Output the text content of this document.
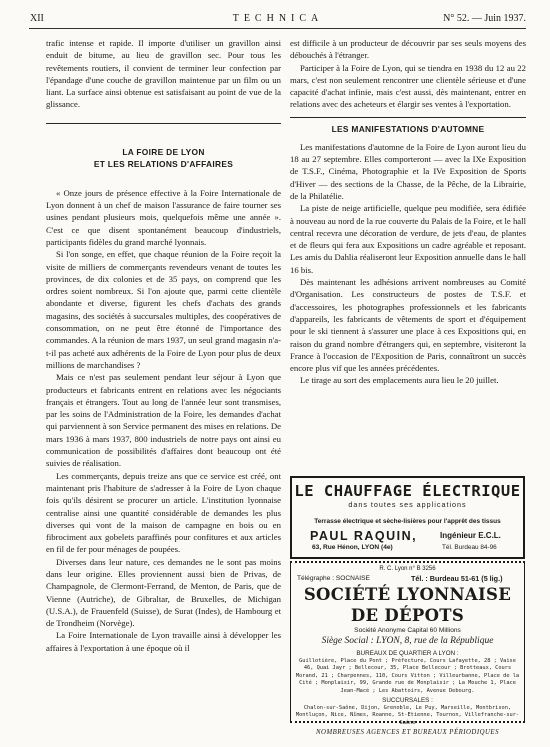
XII	TECHNICA	N° 52. — Juin 1937.

trafic intense et rapide. Il importe d'utiliser un gravillon ainsi enduit de bitume, au lieu de gravillon sec. Pour tous les revêtements routiers, il convient de terminer leur confection par l'épandage d'une couche de gravillon maintenue par un film ou un liant. La surface ainsi obtenue est satisfaisant au point de vue de la glissance.

LA FOIRE DE LYON
ET LES RELATIONS D'AFFAIRES

« Onze jours de présence effective à la Foire Internationale de Lyon donnent à un chef de maison l'assurance de faire tourner ses usines pendant plusieurs mois, quelquefois même une année ». C'est ce que disent spontanément beaucoup d'industriels, participants fidèles du grand marché lyonnais.

Si l'on songe, en effet, que chaque réunion de la Foire reçoit la visite de milliers de commerçants revendeurs venant de toutes les provinces, de dix colonies et de 35 pays, on comprend que les ordres soient nombreux. Si l'on ajoute que, parmi cette clientèle abondante et diverse, figurent les chefs d'achats des grands magasins, des sociétés à succursales multiples, des coopératives de consommation, on ne peut être étonné de l'importance des commandes. A la réunion de mars 1937, un seul grand magasin n'a-t-il pas acheté aux adhérents de la Foire de Lyon pour plus de deux millions de marchandises ?

Mais ce n'est pas seulement pendant leur séjour à Lyon que producteurs et fabricants entrent en relations avec les négociants français et étrangers. Tout au long de l'année leur sont transmises, par les soins de l'Administration de la Foire, les demandes d'achat qui parviennent à son Service permanent des mises en relations. De mars 1936 à mars 1937, 800 industriels de notre pays ont ainsi eu communication de possibilités d'affaires dont beaucoup ont été suivies de réalisation.

Les commerçants, depuis treize ans que ce service est créé, ont maintenant pris l'habiture de s'adresser à la Foire de Lyon chaque fois qu'ils désirent se procurer un article. L'institution lyonnaise centralise ainsi une quantité considérable de demandes les plus diverses qui vont de la maison de campagne en bois ou en fibrociment aux gobelets paraffinés pour confitures et aux articles en fil de fer pour ménages de poupées.

Diverses dans leur nature, ces demandes ne le sont pas moins dans leur origine. Elles proviennent aussi bien de Privas, de Champagnole, de Clermont-Ferrand, de Menton, de Paris, que de Vienne (Autriche), de Gibraltar, de Bruxelles, de Michigan (U.S.A.), de Frauenfeld (Suisse), de Surat (Indes), de Hambourg et de Trondheim (Norvège).

La Foire Internationale de Lyon travaille ainsi à développer les affaires à l'exportation à une époque où il

est difficile à un producteur de découvrir par ses seuls moyens des débouchés à l'étranger.

Participer à la Foire de Lyon, qui se tiendra en 1938 du 12 au 22 mars, c'est non seulement rencontrer une clientèle sérieuse et d'une capacité d'achat infinie, mais c'est aussi, dès maintenant, entrer en relations avec des acheteurs et élargir ses ventes à l'exportation.

LES MANIFESTATIONS D'AUTOMNE

Les manifestations d'automne de la Foire de Lyon auront lieu du 18 au 27 septembre. Elles comporteront — avec la IXe Exposition de T.S.F., Cinéma, Photographie et la IVe Exposition de Sports d'Hiver — des sections de la Chasse, de la Pêche, de la Librairie, de la Philatélie.

La piste de neige artificielle, quelque peu modifiée, sera édifiée à nouveau au nord de la rue couverte du Palais de la Foire, et le hall central recevra une décoration de verdure, de jets d'eau, de plantes et de fleurs qui fera aux Expositions un cadre agréable et reposant. Les amis du Dahlia réaliseront leur Exposition annuelle dans le hall 16 bis.

Dès maintenant les adhésions arrivent nombreuses au Comité d'Organisation. Les constructeurs de postes de T.S.F. et d'accessoires, les photographes professionnels et les fabricants d'appareils, les fabricants de vêtements de sport et d'équipement pour le ski tiennent à s'assurer une place à ces Expositions qui, en raison du grand nombre d'étrangers qui, en septembre, visiteront la France à l'occasion de l'Exposition de Paris, connaîtront un succès encore plus vif que les années précédentes.

Le tirage au sort des emplacements aura lieu le 20 juillet.

LE CHAUFFAGE ÉLECTRIQUE
dans toutes ses applications
Terrasse électrique et sèche-lisières pour l'apprêt des tissus
PAUL RAQUIN,	Ingénieur E.C.L.
63, Rue Hénon, LYON (4e)	Tél. Burdeau 84-96
R. C. Lyon n° B 3256
Télégraphe : SOCNAISE	Tél. : Burdeau 51-61 (5 lig.)
SOCIÉTÉ LYONNAISE DE DÉPOTS
Société Anonyme Capital 60 Millions
Siège Social : LYON, 8, rue de la République
BUREAUX DE QUARTIER A LYON :
Guillotière, Place du Pont ; Préfecture, Cours Lafayette, 28 ; Vaise 46, Quai Jayr ; Bellecour, 35, Place Bellecour ; Brotteaux, Cours Morand, 21 ; Charpennes, 110, Cours Vitton ; Villeurbanne, Place de la Cité ; Monplaisir, 99, Grande rue de Monplaisir ; La Mouche 1, Place Jean-Macé ; Les Abattoirs, Avenue Debourg.
SUCCURSALES :
Chalon-sur-Saône, Dijon, Grenoble, Le Puy, Marseille, Montbrison, Montluçon, Nice, Nîmes, Roanne, St-Etienne, Tournon, Villefranche-sur-Saône
NOMBREUSES AGENCES ET BUREAUX PÉRIODIQUES
